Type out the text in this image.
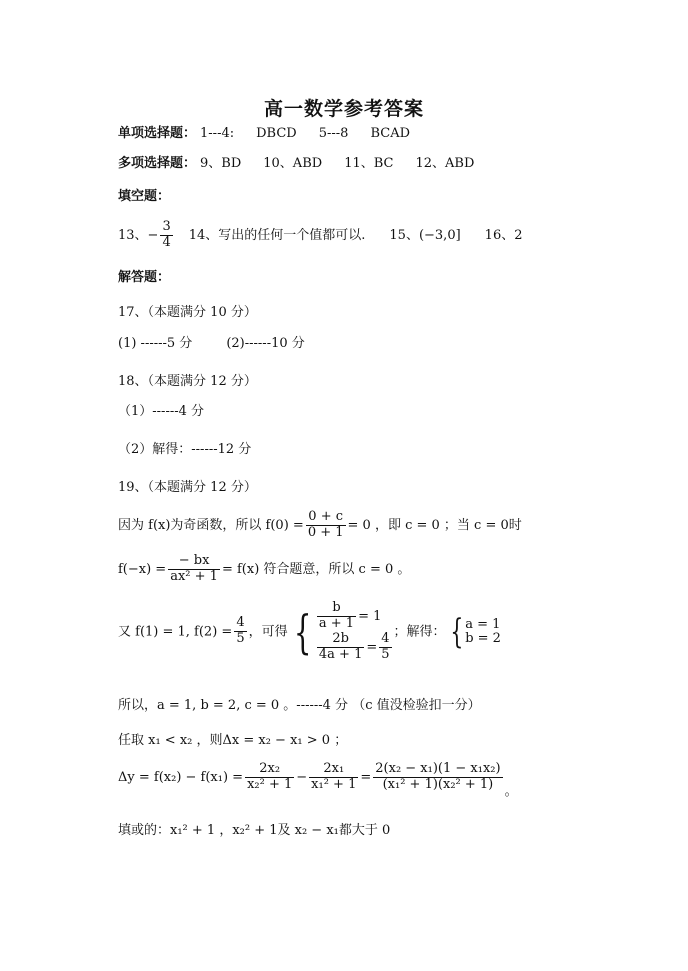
高一数学参考答案
单项选择题： 1---4: DBCD 5---8 BCAD
多项选择题： 9、BD 10、ABD 11、BC 12、ABD
填空题：
13、− $\frac{3}{4} 14$、写出的任何一个值都可以. 15、(−3,0] 16、2
解答题：
17、（本题满分 10 分）
(1) ------5 分	(2)------10 分
18、（本题满分 12 分）
（1）------4 分
（2）解得：------12 分
19、（本题满分 12 分）
因为 f(x)为奇函数，所以 $f(0) = \frac{0 + c}{0 + 1} = 0$ ，即 c = 0 ；当 c = 0时
$f(-x) = \frac{- bx}{\text{ax² + 1}} = f(x)$ 符合题意，所以 c = 0 。
又 f(1) = 1, $f(2) = \frac{4}{5}$ ，可得 { $\frac{b}{a + 1} = 1$
$\frac{2b}{4a + 1} = \frac{4}{5}$ ；解得： { a = 1
b = 2
所以，a = 1, b = 2, c = 0 。------4 分 （c 值没检验扣一分）
任取 x₁ < x₂ ，则Δx = x₂ − x₁ > 0 ；
$\Delta y = f(x_2) - f(x_1) = \frac{\text{2x₂}}{\text{x₂² + 1}} - \frac{\text{2x₁}}{\text{x₁² + 1}} = \frac{\text{2(x₂ − x₁)(1 − x₁x₂)}}{\text{(x₁² + 1)(x₂² + 1)}}$ 。
填或的：x₁² + 1 ，x₂² + 1及 x₂ − x₁都大于 0
